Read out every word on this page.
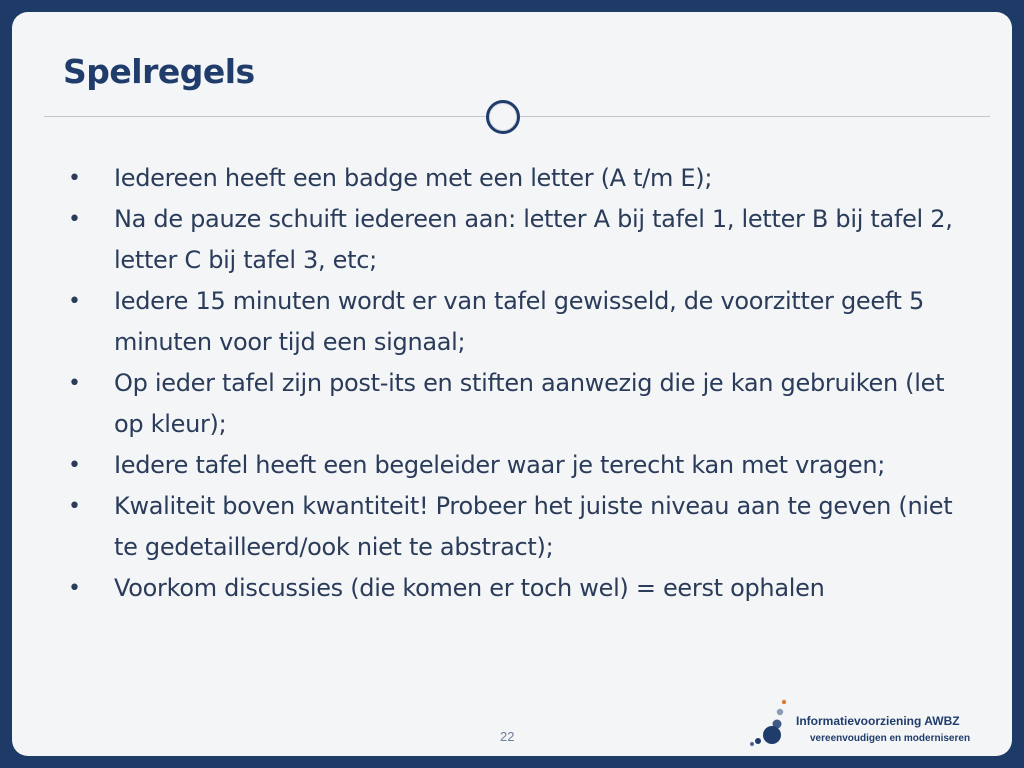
Spelregels
•	Iedereen heeft een badge met een letter (A t/m E);
•	Na de pauze schuift iedereen aan: letter A bij tafel 1, letter B bij tafel 2, letter C bij tafel 3, etc;
•	Iedere 15 minuten wordt er van tafel gewisseld, de voorzitter geeft 5 minuten voor tijd een signaal;
•	Op ieder tafel zijn post-its en stiften aanwezig die je kan gebruiken (let op kleur);
•	Iedere tafel heeft een begeleider waar je terecht kan met vragen;
•	Kwaliteit boven kwantiteit! Probeer het juiste niveau aan te geven (niet te gedetailleerd/ook niet te abstract);
•	Voorkom discussies (die komen er toch wel) = eerst ophalen
22
Informatievoorziening AWBZ
vereenvoudigen en moderniseren
